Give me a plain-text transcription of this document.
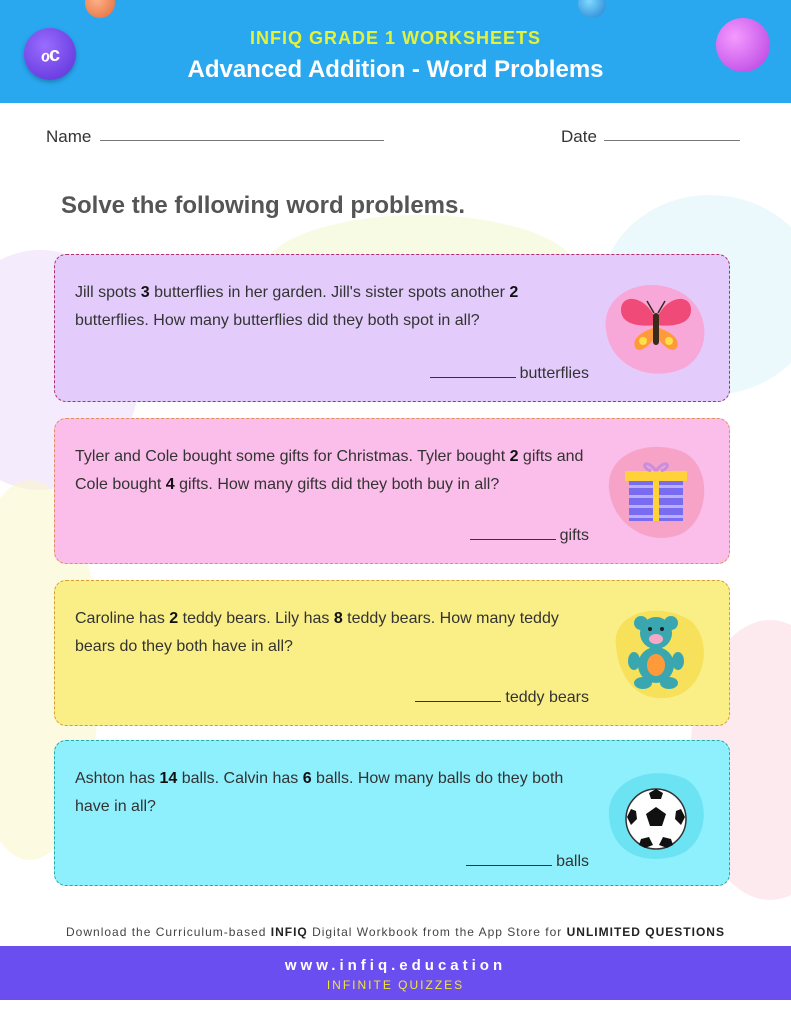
ℴc
INFIQ GRADE 1 WORKSHEETS
Advanced Addition - Word Problems
Name	Date
Solve the following word problems.
Jill spots 3 butterflies in her garden. Jill's sister spots another 2 butterflies. How many butterflies did they both spot in all?
butterflies
Tyler and Cole bought some gifts for Christmas. Tyler bought 2 gifts and Cole bought 4 gifts. How many gifts did they both buy in all?
gifts
Caroline has 2 teddy bears. Lily has 8 teddy bears. How many teddy bears do they both have in all?
teddy bears
Ashton has 14 balls. Calvin has 6 balls. How many balls do they both have in all?
balls
Download the Curriculum-based INFIQ Digital Workbook from the App Store for UNLIMITED QUESTIONS
www.infiq.education
INFINITE QUIZZES
